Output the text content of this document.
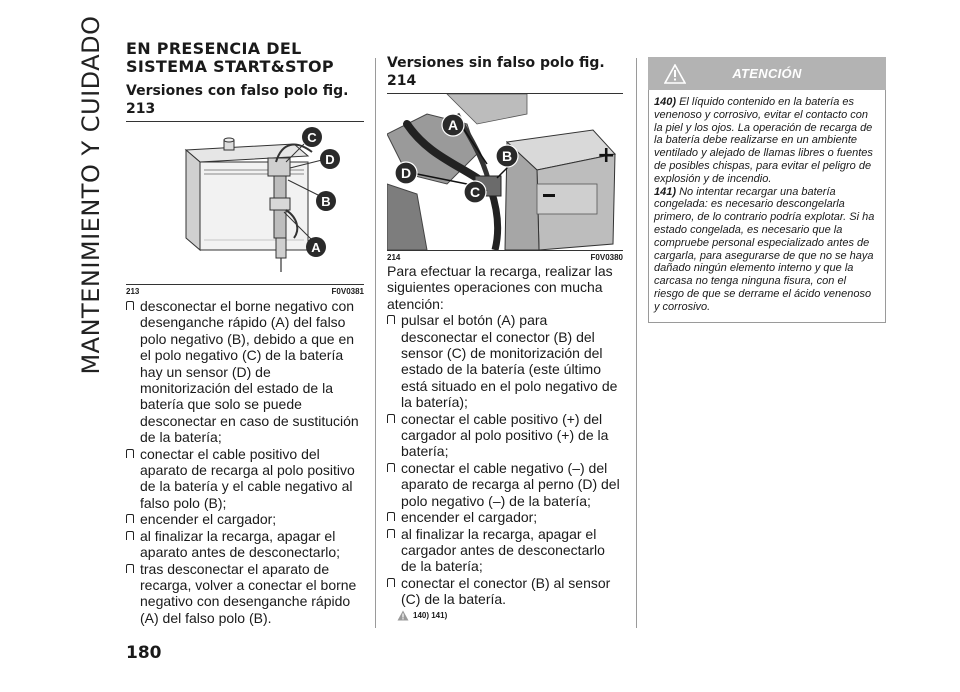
MANTENIMIENTO Y CUIDADO EN PRESENCIA DEL SISTEMA START&STOP
Versiones con falso polo fig. 213
C
D
B
A
213	F0V0381

desconectar el borne negativo con desenganche rápido (A) del falso polo negativo (B), debido a que en el polo negativo (C) de la batería hay un sensor (D) de monitorización del estado de la batería que solo se puede desconectar en caso de sustitución de la batería;

conectar el cable positivo del aparato de recarga al polo positivo de la batería y el cable negativo al falso polo (B);

encender el cargador;

al finalizar la recarga, apagar el aparato antes de desconectarlo;

tras desconectar el aparato de recarga, volver a conectar el borne negativo con desenganche rápido (A) del falso polo (B).

Versiones sin falso polo fig. 214
+
A
B
D
C
214	F0V0380

Para efectuar la recarga, realizar las siguientes operaciones con mucha atención:

pulsar el botón (A) para desconectar el conector (B) del sensor (C) de monitorización del estado de la batería (este último está situado en el polo negativo de la batería);

conectar el cable positivo (+) del cargador al polo positivo (+) de la batería;

conectar el cable negativo (–) del aparato de recarga al perno (D) del polo negativo (–) de la batería;

encender el cargador;

al finalizar la recarga, apagar el cargador antes de desconectarlo de la batería;

conectar el conector (B) al sensor (C) de la batería.

140) 141)
ATENCIÓN

140) El líquido contenido en la batería es venenoso y corrosivo, evitar el contacto con la piel y los ojos. La operación de recarga de la batería debe realizarse en un ambiente ventilado y alejado de llamas libres o fuentes de posibles chispas, para evitar el peligro de explosión y de incendio.

141) No intentar recargar una batería congelada: es necesario descongelarla primero, de lo contrario podría explotar. Si ha estado congelada, es necesario que la compruebe personal especializado antes de cargarla, para asegurarse de que no se haya dañado ningún elemento interno y que la carcasa no tenga ninguna fisura, con el riesgo de que se derrame el ácido venenoso y corrosivo.

180
